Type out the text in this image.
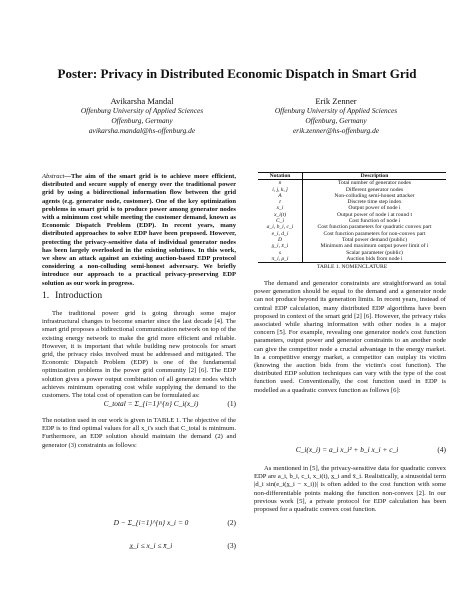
Poster: Privacy in Distributed Economic Dispatch in Smart Grid
Avikarsha Mandal
Offenburg University of Applied Sciences
Offenburg, Germany
avikarsha.mandal@hs-offenburg.de
Erik Zenner
Offenburg University of Applied Sciences
Offenburg, Germany
erik.zenner@hs-offenburg.de
Abstract—The aim of the smart grid is to achieve more efficient, distributed and secure supply of energy over the traditional power grid by using a bidirectional information flow between the grid agents (e.g. generator node, customer). One of the key optimization problems in smart grid is to produce power among generator nodes with a minimum cost while meeting the customer demand, known as Economic Dispatch Problem (EDP). In recent years, many distributed approaches to solve EDP have been proposed. However, protecting the privacy-sensitive data of individual generator nodes has been largely overlooked in the existing solutions. In this work, we show an attack against an existing auction-based EDP protocol considering a non-colluding semi-honest adversary. We briefly introduce our approach to a practical privacy-preserving EDP solution as our work in progress.
1. Introduction
The traditional power grid is going through some major infrastructural changes to become smarter since the last decade [4]. The smart grid proposes a bidirectional communication network on top of the existing energy network to make the grid more efficient and reliable. However, it is important that while building new protocols for smart grid, the privacy risks involved must be addressed and mitigated. The Economic Dispatch Problem (EDP) is one of the fundamental optimization problems in the power grid community [2] [6]. The EDP solution gives a power output combination of all generator nodes which achieves minimum operating cost while supplying the demand to the customers. The total cost of operation can be formulated as:
C_total = Σ_{i=1}^{n} C_i(x_i)	(1)
The notation used in our work is given in TABLE 1. The objective of the EDP is to find optimal values for all x_i's such that C_total is minimum. Furthermore, an EDP solution should maintain the demand (2) and generator (3) constraints as follows:
D − Σ_{i=1}^{n} x_i = 0	(2)
x̲_i ≤ x_i ≤ x̄_i	(3)
Notation	Description
n	Total number of generator nodes
i, j, k, ĵ	Different generator nodes
A	Non-colluding semi-honest attacker
t	Discrete time step index
x_i	Output power of node i
x_i(t)	Output power of node i at round t
C_i	Cost function of node i
a_i, b_i, c_i	Cost function parameters for quadratic convex part
e_i, d_i	Cost function parameters for non-convex part
D	Total power demand (public)
x̲_i, x̄_i	Minimum and maximum output power limit of i
s	Scalar parameter (public)
π_i, ρ_i	Auction bids from node i
TABLE 1. NOMENCLATURE
The demand and generator constraints are straightforward as total power generation should be equal to the demand and a generator node can not produce beyond its generation limits. In recent years, instead of central EDP calculation, many distributed EDP algorithms have been proposed in context of the smart grid [2] [6]. However, the privacy risks associated while sharing information with other nodes is a major concern [5]. For example, revealing one generator node's cost function parameters, output power and generator constraints to an another node can give the competitor node a crucial advantage in the energy market. In a competitive energy market, a competitor can outplay its victim (knowing the auction bids from the victim's cost function). The distributed EDP solution techniques can vary with the type of the cost function used. Conventionally, the cost function used in EDP is modelled as a quadratic convex function as follows [6]:
C_i(x_i) = a_i x_i² + b_i x_i + c_i	(4)
As mentioned in [5], the privacy-sensitive data for quadratic convex EDP are a_i, b_i, c_i, x_i(t), x̲_i and x̄_i. Realistically, a sinusoidal term |d_i sin(e_i(x̲_i − x_i))| is often added to the cost function with some non-differentiable points making the function non-convex [2]. In our previous work [5], a private protocol for EDP calculation has been proposed for a quadratic convex cost function.
